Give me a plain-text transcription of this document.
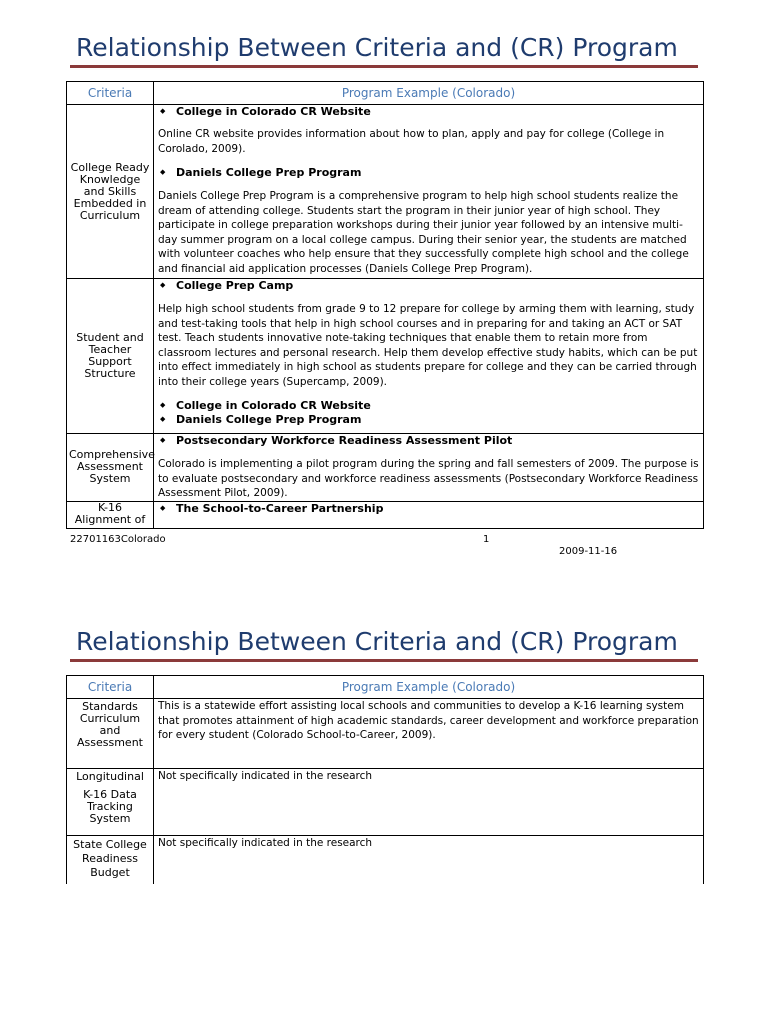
Relationship Between Criteria and (CR) Program
Criteria	Program Example (Colorado)
College Ready Knowledge and Skills Embedded in Curriculum	◆ College in Colorado CR Website

Online CR website provides information about how to plan, apply and pay for college (College in Corolado, 2009).

◆ Daniels College Prep Program

Daniels College Prep Program is a comprehensive program to help high school students realize the dream of attending college. Students start the program in their junior year of high school. They participate in college preparation workshops during their junior year followed by an intensive multi-day summer program on a local college campus. During their senior year, the students are matched with volunteer coaches who help ensure that they successfully complete high school and the college and financial aid application processes (Daniels College Prep Program).

Student and Teacher Support Structure	◆ College Prep Camp

Help high school students from grade 9 to 12 prepare for college by arming them with learning, study and test-taking tools that help in high school courses and in preparing for and taking an ACT or SAT test. Teach students innovative note-taking techniques that enable them to retain more from classroom lectures and personal research. Help them develop effective study habits, which can be put into effect immediately in high school as students prepare for college and they can be carried through into their college years (Supercamp, 2009).

◆ College in Colorado CR Website

◆ Daniels College Prep Program

Comprehensive Assessment System	◆ Postsecondary Workforce Readiness Assessment Pilot

Colorado is implementing a pilot program during the spring and fall semesters of 2009. The purpose is to evaluate postsecondary and workforce readiness assessments (Postsecondary Workforce Readiness Assessment Pilot, 2009).

K-16 Alignment of	◆ The School-to-Career Partnership

22701163Colorado	1
2009-11-16
Relationship Between Criteria and (CR) Program
Criteria	Program Example (Colorado)
Standards Curriculum and Assessment	This is a statewide effort assisting local schools and communities to develop a K-16 learning system that promotes attainment of high academic standards, career development and workforce preparation for every student (Colorado School-to-Career, 2009).

Longitudinal
K-16 Data Tracking System	Not specifically indicated in the research

State College Readiness Budget	Not specifically indicated in the research
